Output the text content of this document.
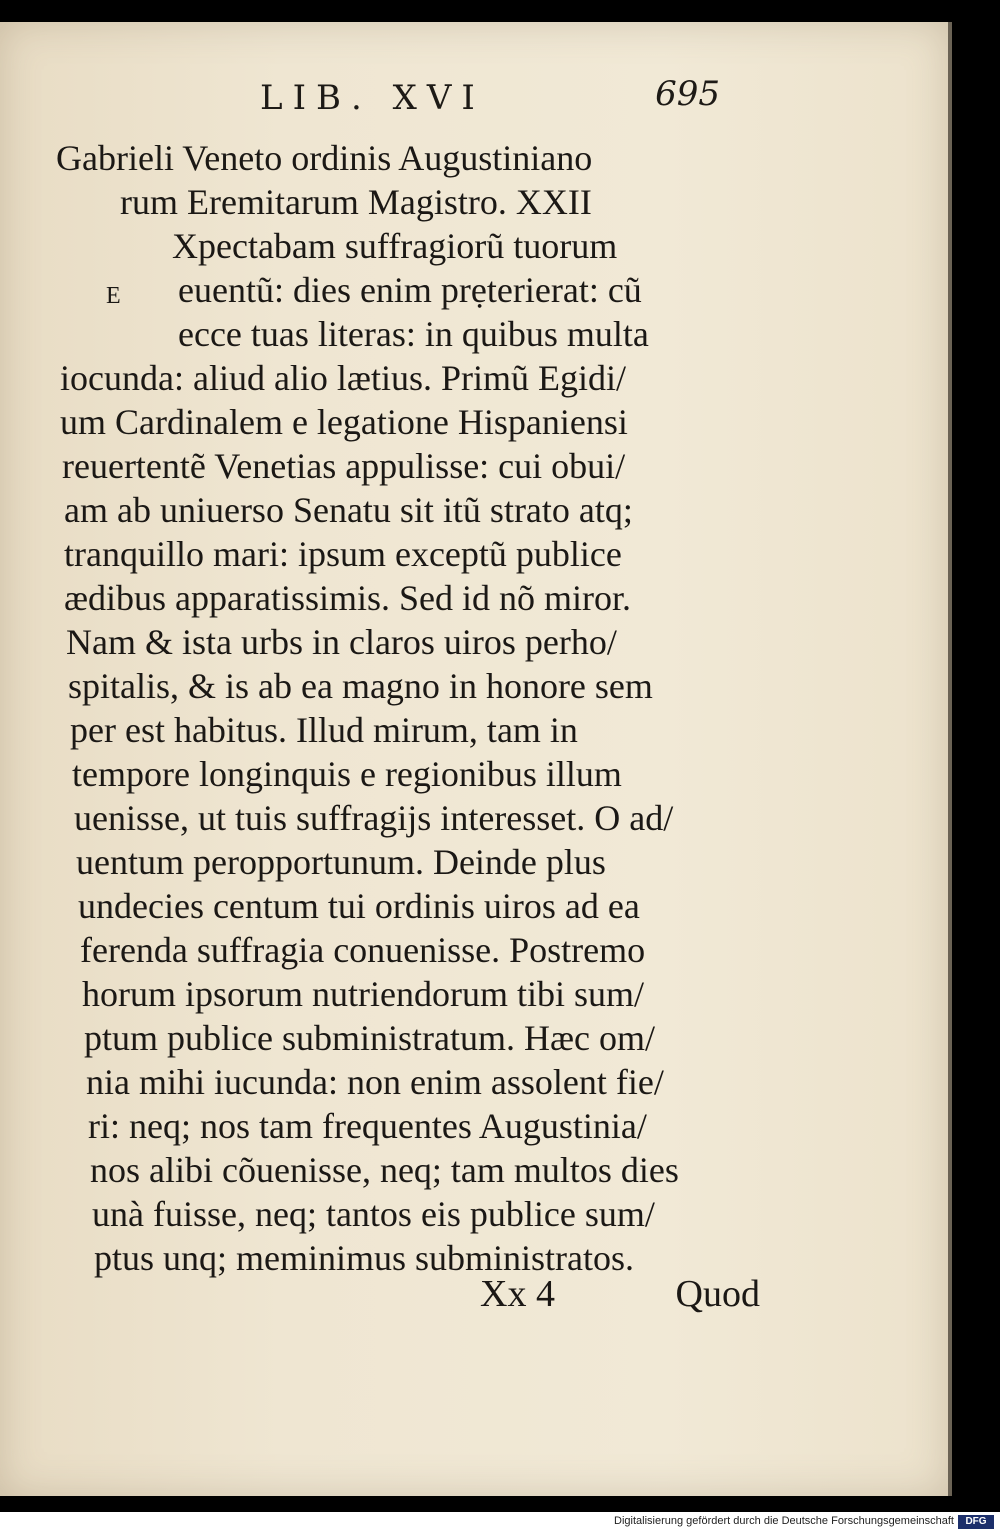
LIB. XVI	695
E
Gabrieli Veneto ordinis Augustiniano
rum Eremitarum Magistro. XXII
Xpectabam suffragiorũ tuorum
euentũ: dies enim prẹterierat: cũ
ecce tuas literas: in quibus multa
iocunda: aliud alio lætius. Primũ Egidi/
um Cardinalem e legatione Hispaniensi
reuertentẽ Venetias appulisse: cui obui/
am ab uniuerso Senatu sit itũ strato atq;
tranquillo mari: ipsum exceptũ publice
ædibus apparatissimis. Sed id nõ miror.
Nam & ista urbs in claros uiros perho/
spitalis, & is ab ea magno in honore sem
per est habitus. Illud mirum, tam in
tempore longinquis e regionibus illum
uenisse, ut tuis suffragijs interesset. O ad/
uentum peropportunum. Deinde plus
undecies centum tui ordinis uiros ad ea
ferenda suffragia conuenisse. Postremo
horum ipsorum nutriendorum tibi sum/
ptum publice subministratum. Hæc om/
nia mihi iucunda: non enim assolent fie/
ri: neq; nos tam frequentes Augustinia/
nos alibi cõuenisse, neq; tam multos dies
unà fuisse, neq; tantos eis publice sum/
ptus unq; meminimus subministratos.
Xx 4	Quod
Digitalisierung gefördert durch die Deutsche Forschungsgemeinschaft	DFG
